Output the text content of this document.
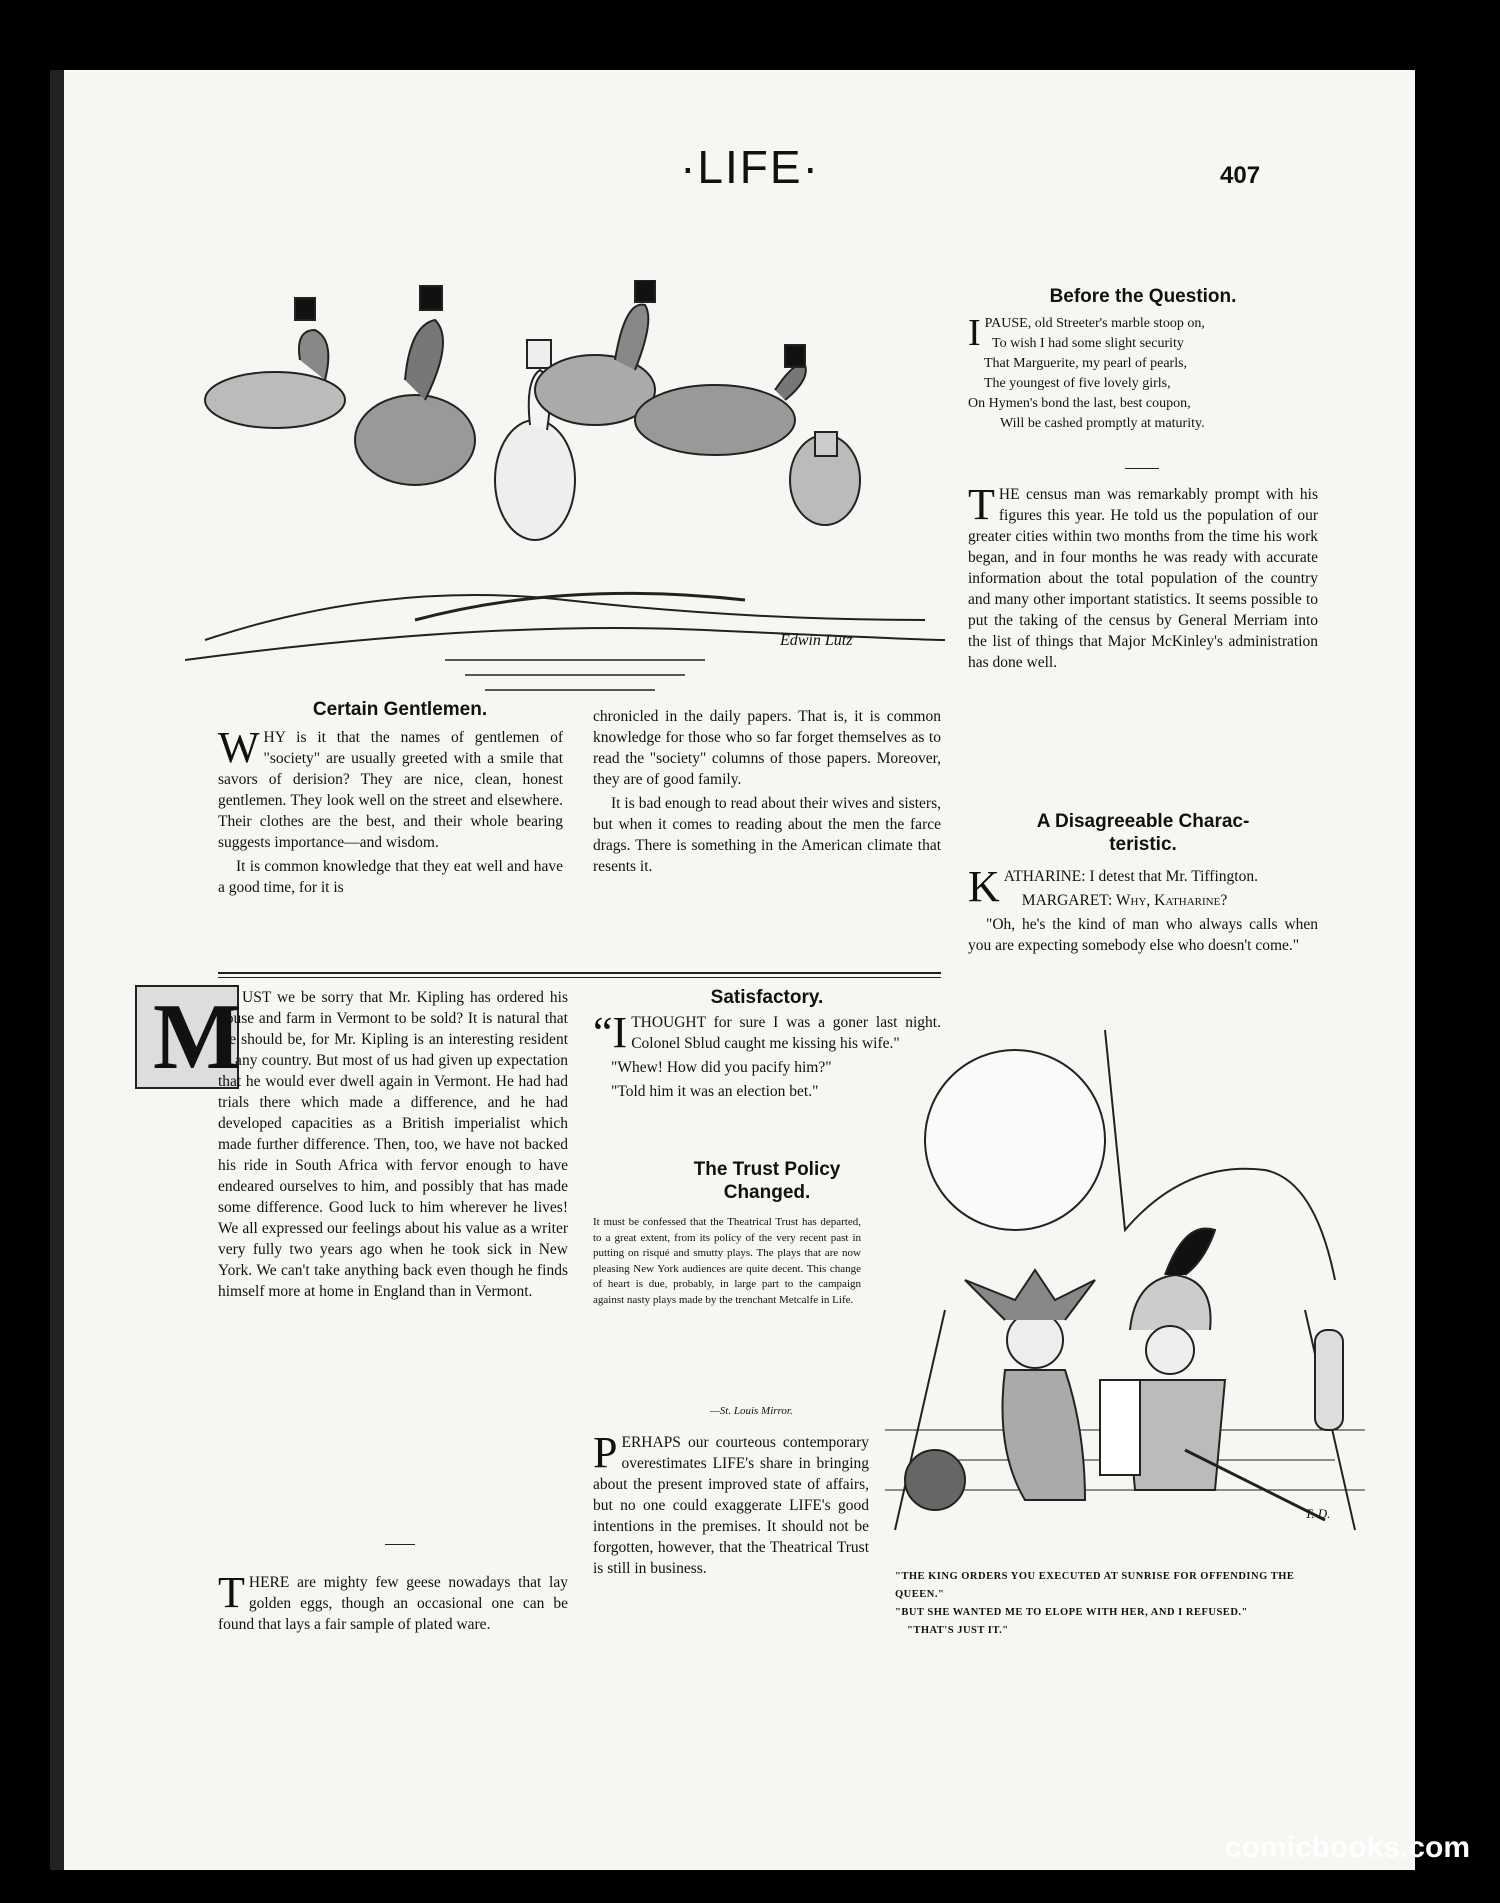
·LIFE·	407
Edwin Lutz
Certain Gentlemen.

WHY is it that the names of gentlemen of "society" are usually greeted with a smile that savors of derision? They are nice, clean, honest gentlemen. They look well on the street and elsewhere. Their clothes are the best, and their whole bearing suggests importance—and wisdom.

It is common knowledge that they eat well and have a good time, for it is

chronicled in the daily papers. That is, it is common knowledge for those who so far forget themselves as to read the "society" columns of those papers. Moreover, they are of good family.

It is bad enough to read about their wives and sisters, but when it comes to reading about the men the farce drags. There is something in the American climate that resents it.

M UST we be sorry that Mr. Kipling has ordered his house and farm in Vermont to be sold? It is natural that we should be, for Mr. Kipling is an interesting resident of any country. But most of us had given up expectation that he would ever dwell again in Vermont. He had had trials there which made a difference, and he had developed capacities as a British imperialist which made further difference. Then, too, we have not backed his ride in South Africa with fervor enough to have endeared ourselves to him, and possibly that has made some difference. Good luck to him wherever he lives! We all expressed our feelings about his value as a writer very fully two years ago when he took sick in New York. We can't take anything back even though he finds himself more at home in England than in Vermont.

THERE are mighty few geese nowadays that lay golden eggs, though an occasional one can be found that lays a fair sample of plated ware.

Satisfactory.

“ITHOUGHT for sure I was a goner last night. Colonel Sblud caught me kissing his wife."

"Whew! How did you pacify him?"

"Told him it was an election bet."

The Trust Policy
Changed.
It must be confessed that the Theatrical Trust has departed, to a great extent, from its policy of the very recent past in putting on risqué and smutty plays. The plays that are now pleasing New York audiences are quite decent. This change of heart is due, probably, in large part to the campaign against nasty plays made by the trenchant Metcalfe in Life.
—St. Louis Mirror.

PERHAPS our courteous contemporary overestimates LIFE's share in bringing about the present improved state of affairs, but no one could exaggerate LIFE's good intentions in the premises. It should not be forgotten, however, that the Theatrical Trust is still in business.

Before the Question.
IPAUSE, old Streeter's marble stoop on,
To wish I had some slight security
That Marguerite, my pearl of pearls,
The youngest of five lovely girls,
On Hymen's bond the last, best coupon,
Will be cashed promptly at maturity.

THE census man was remarkably prompt with his figures this year. He told us the population of our greater cities within two months from the time his work began, and in four months he was ready with accurate information about the total population of the country and many other important statistics. It seems possible to put the taking of the census by General Merriam into the list of things that Major McKinley's administration has done well.

A Disagreeable Charac-
teristic.

KATHARINE: I detest that Mr. Tiffington.

MARGARET: Why, Katharine?

"Oh, he's the kind of man who always calls when you are expecting somebody else who doesn't come."

T. D.
"THE KING ORDERS YOU EXECUTED AT SUNRISE FOR OFFENDING THE QUEEN."
"BUT SHE WANTED ME TO ELOPE WITH HER, AND I REFUSED."
"THAT'S JUST IT."
comicbooks.com
